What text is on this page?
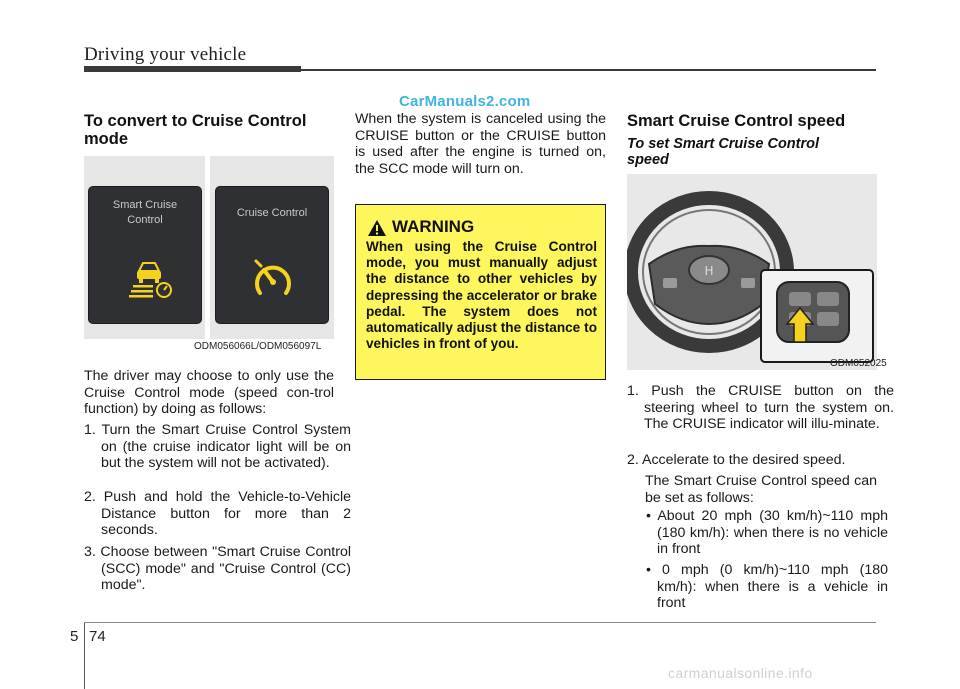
Driving your vehicle
CarManuals2.com
To convert to Cruise Control mode
Smart Cruise Control
Cruise Control
ODM056066L/ODM056097L
The driver may choose to only use the Cruise Control mode (speed con-trol function) by doing as follows:
1. Turn the Smart Cruise Control System on (the cruise indicator light will be on but the system will not be activated).
2. Push and hold the Vehicle-to-Vehicle Distance button for more than 2 seconds.
3. Choose between "Smart Cruise Control (SCC) mode" and "Cruise Control (CC) mode".
When the system is canceled using the CRUISE button or the CRUISE button is used after the engine is turned on, the SCC mode will turn on.
WARNING
When using the Cruise Control mode, you must manually adjust the distance to other vehicles by depressing the accelerator or brake pedal. The system does not automatically adjust the distance to vehicles in front of you.
Smart Cruise Control speed
To set Smart Cruise Control speed
H
ODM052025
1. Push the CRUISE button on the steering wheel to turn the system on. The CRUISE indicator will illu-minate.
2. Accelerate to the desired speed.
The Smart Cruise Control speed can be set as follows:
• About 20 mph (30 km/h)~110 mph (180 km/h): when there is no vehicle in front
• 0 mph (0 km/h)~110 mph (180 km/h): when there is a vehicle in front
5 74
carmanualsonline.info
